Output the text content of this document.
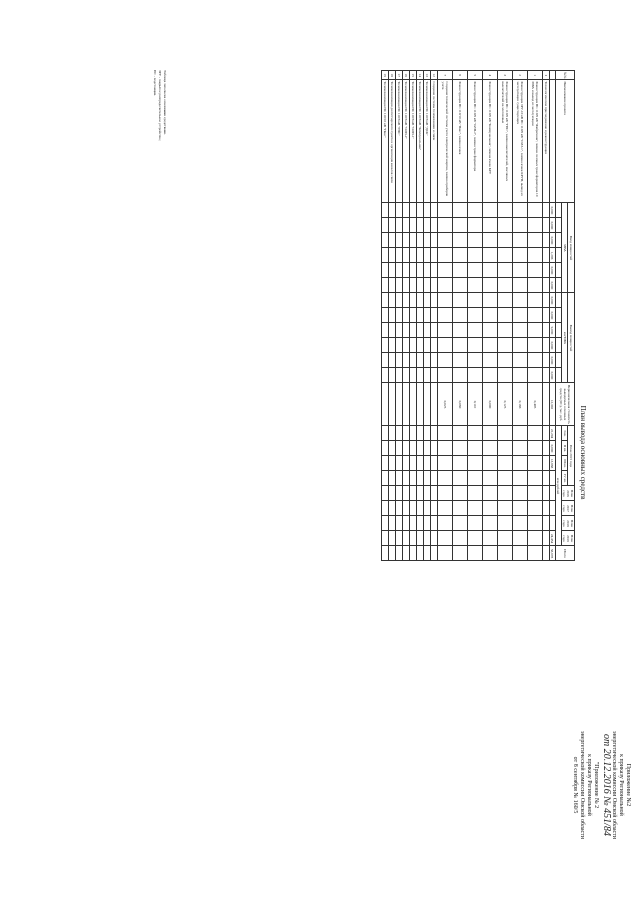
Приложение №2
к приказу Региональной
энергетической комиссии Омской области
от 20.12.2016 № 451/84
"Приложение № 2
к приказу Региональной
энергетической комиссии Омской области
от 8 сентября № 160/5
План вывода основных средств
№№	Наименование проекта	Ввод мощностей						Вывод мощностей						Первоначальная стоимость выводимых основных средств (ОС), тыс. руб.	План 2015 года				План 2016 года	План 2017 года	План 2018 года	План 2019 года	Итого
		МВА						км/МВА							I кв.	II кв.	III кв.	IV кв.					
															млн рублей								
		0,000	0,000	0,000	1,296	0,000	0,000	0,000	0,000	9,090	0,000	0,000	0,000	12,302	22,204	0,000	13,968					24,454	58,978
I	Технологическое присоединение и реконструкция																						
1	Реконструкция ПС 110/6 кВ "Фабричная", замена силовых трансформаторов 10 МВА и вывод из эксплуатации													0,405									
2	Реконструкция ЗРУ-10 кВ ПС 110/6 кВ "СМЗ-1", замена ячеек КРУН, вывод из эксплуатации существующих													0,186									
3	Реконструкция ПС 110/6 кВ "ГНС", замена выключателей, масляных выключателей на элегазовые													0,125									
4	Реконструкция ПС 110/6 кВ "Коммунальная", замена ячеек КРУ													0,000									
5	Реконструкция ПС 110/6 кВ "ОЛП-2", замена трансформатора													0,110									
6	Реконструкция ПС 110/10 кВ "Пакс", замена ячеек													0,060									
7	Создание технической системы учета электрической энергии, замена приборов учета													0,025									
12	Создание системы телемеханики и связи																						
13	Телемеханизация ПС 110/6 кВ "ДСК"																						
14	Телемеханизация ПС 110/6 кВ "Коммунальная"																						
15	Телемеханизация ПС 110/6 кВ "ОЛП-1"																						
16	Телемеханизация ПС 110/6 кВ "ОЛП-2"																						
17	Телемеханизация ПС 110/6 кВ "ГНС"																						
18	Телемеханизация диспетчерского пункта и организация каналов связи																						
19	Телемеханизация ПС 110/10 кВ "Пакс"																						
Таблица заполнена основными средствами.
ЗРУ - закрытое распределительное устройство;
ПС - подстанция.
